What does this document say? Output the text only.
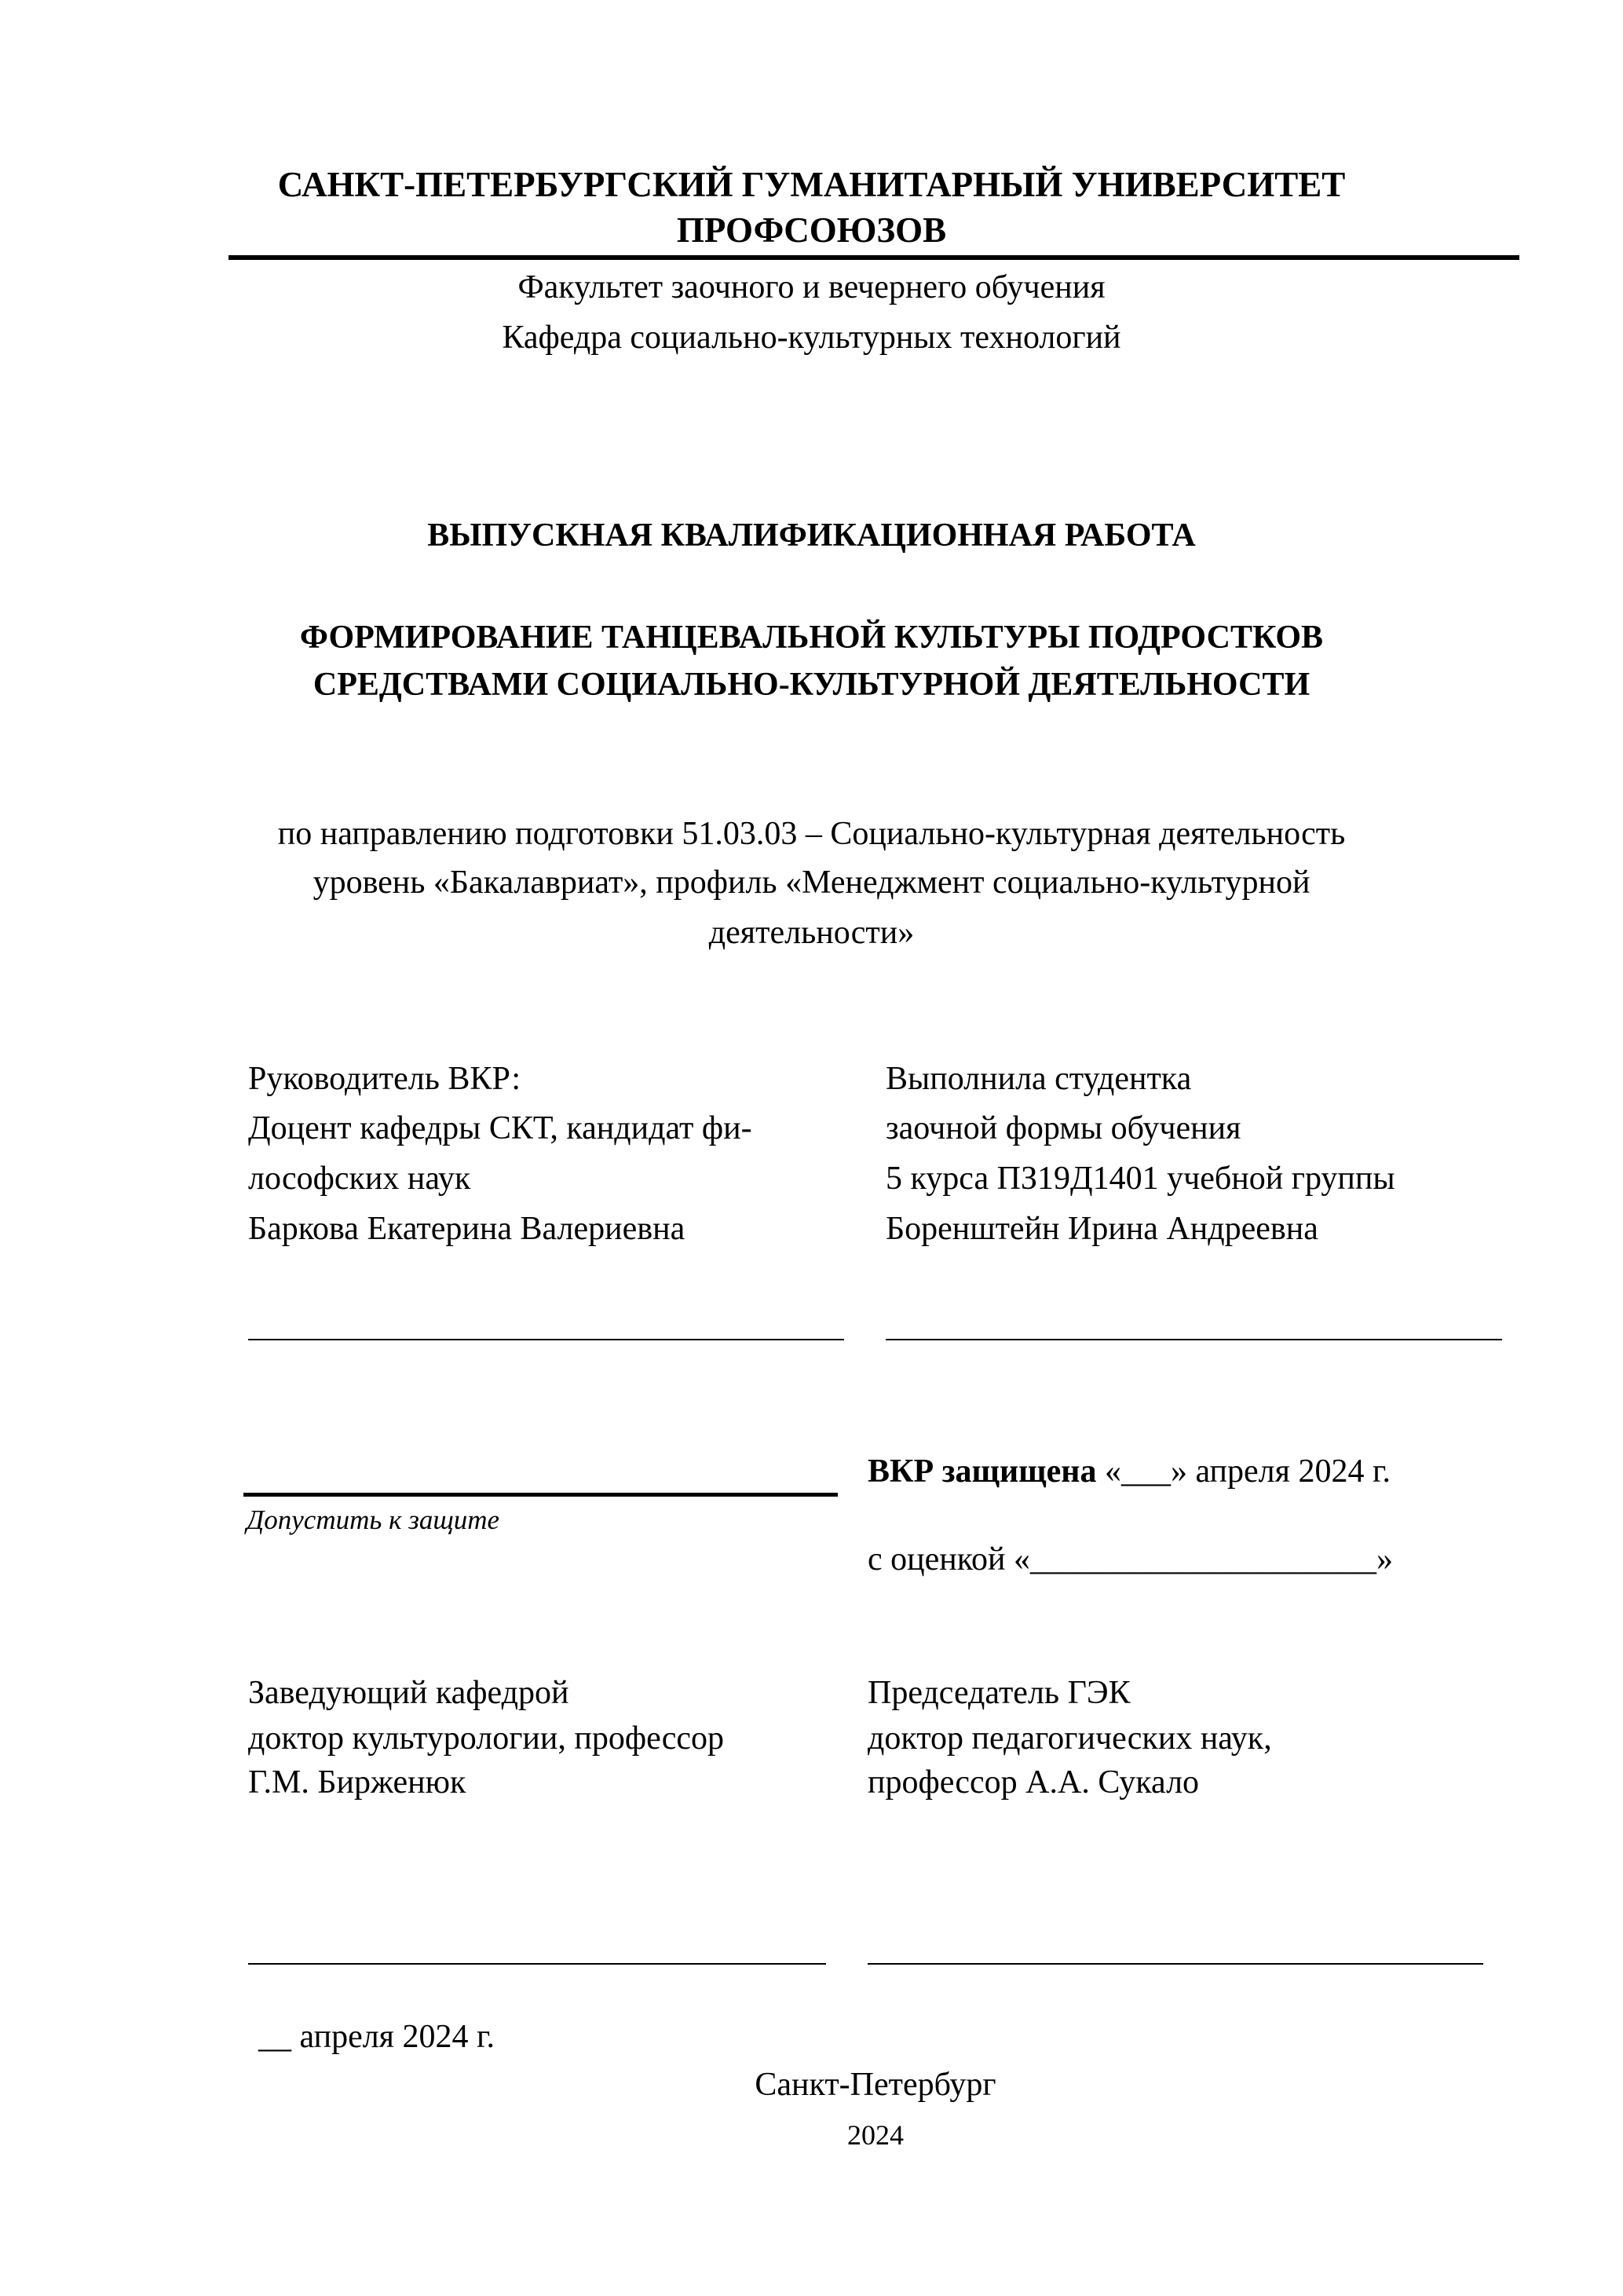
САНКТ-ПЕТЕРБУРГСКИЙ ГУМАНИТАРНЫЙ УНИВЕРСИТЕТ
ПРОФСОЮЗОВ
Факультет заочного и вечернего обучения
Кафедра социально-культурных технологий
ВЫПУСКНАЯ КВАЛИФИКАЦИОННАЯ РАБОТА
ФОРМИРОВАНИЕ ТАНЦЕВАЛЬНОЙ КУЛЬТУРЫ ПОДРОСТКОВ
СРЕДСТВАМИ СОЦИАЛЬНО-КУЛЬТУРНОЙ ДЕЯТЕЛЬНОСТИ
по направлению подготовки 51.03.03 – Социально-культурная деятельность
уровень «Бакалавриат», профиль «Менеджмент социально-культурной
деятельности»
Руководитель ВКР:
Доцент кафедры СКТ, кандидат фи-
лософских наук
Баркова Екатерина Валериевна
Выполнила студентка
заочной формы обучения
5 курса ПЗ19Д1401 учебной группы
Боренштейн Ирина Андреевна
Допустить к защите
ВКР защищена «___» апреля 2024 г.
с оценкой «_____________________»
Заведующий кафедрой
доктор культурологии, профессор
Г.М. Бирженюк
Председатель ГЭК
доктор педагогических наук,
профессор А.А. Сукало
__ апреля 2024 г.
Санкт-Петербург
2024
